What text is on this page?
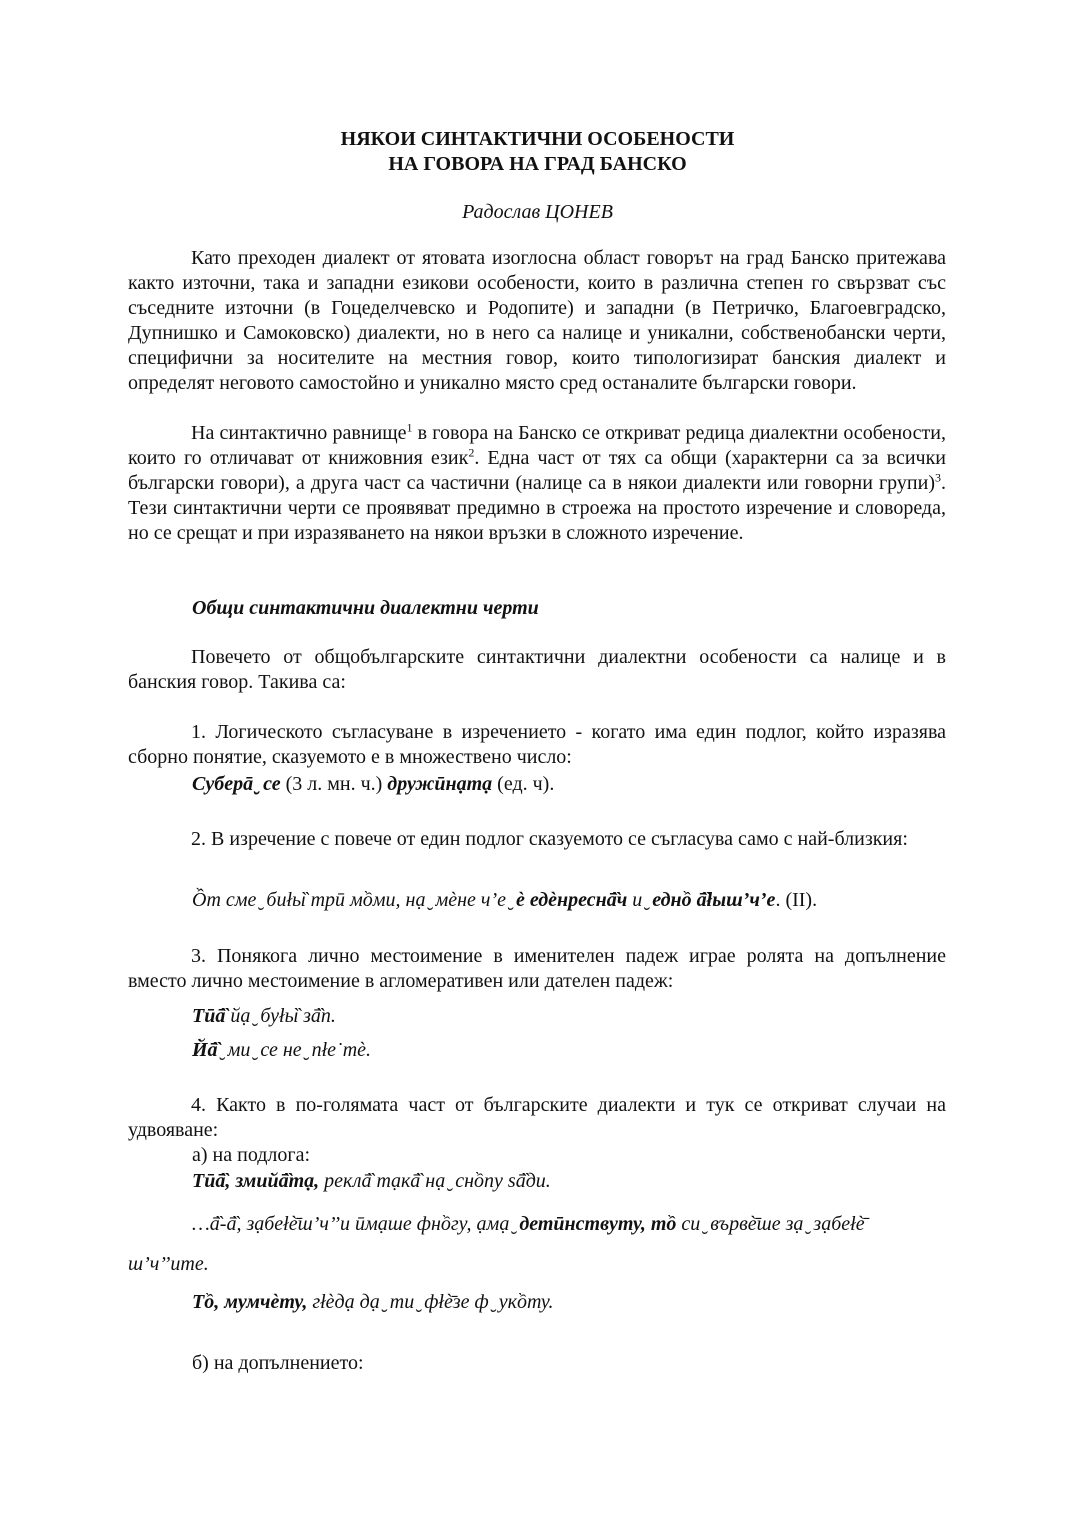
НЯКОИ СИНТАКТИЧНИ ОСОБЕНОСТИ
НА ГОВОРА НА ГРАД БАНСКО
Радослав ЦОНЕВ

Като преходен диалект от ятовата изоглосна област говорът на град Банско притежава както източни, така и западни езикови особености, които в различна степен го свързват със съседните източни (в Гоцеделчевско и Родопите) и западни (в Петричко, Благоевградско, Дупнишко и Самоковско) диалекти, но в него са налице и уникални, собственобански черти, специфични за носителите на местния говор, които типологизират банския диалект и определят неговото самостойно и уникално място сред останалите български говори.

На синтактично равнище$^1$ в говора на Банско се откриват редица диалектни особености, които го отличават от книжовния език$^2$. Една част от тях са общи (характерни са за всички български говори), а друга част са частични (налице са в някои диалекти или говорни групи)$^3$. Тези синтактични черти се проявяват предимно в строежа на простото изречение и словореда, но се срещат и при изразяването на някои връзки в сложното изречение.

Общи синтактични диалектни черти

Повечето от общобългарските синтактични диалектни особености са налице и в банския говор. Такива са:

1. Логическото съгласуване в изречението - когато има един подлог, който изразява сборно понятие, сказуемото е в множествено число:

Суберā ̮ се (3 л. мн. ч.) дружӣнạтạ (ед. ч).

2. В изречение с повече от един подлог сказуемото се съгласува само с най-близкия:

Ồт сме ̮ биłы̏ трӣ мồми, нạ ̮ мѐне ч’е ̮ ѐ едѐнреснā̏ч и ̮ еднồ ā̏łыш’ч’е. (II).

3. Понякога лично местоимение в именителен падеж играе ролята на допълнение вместо лично местоимение в агломеративен или дателен падеж:

Тӣā̏ йạ ̮ буłы̏ зā̏п.
Йā̏ ̮ ми ̮ се не ̮ пłе˙тѐ.

4. Както в по-голямата част от българските диалекти и тук се откриват случаи на удвояване:

а) на подлога:
Тӣā̏, змийā̏тạ, реклā̏ тạкā̏ нạ ̮ снồпу ѕā̏ди.
…ā̏-ā̏, зạбеłѐ̄ш’ч’’и ӣмạше фнồгу, ạмạ ̮ детӣнствуту, тồ си ̮ вървѐ̄ше зạ ̮ зạбеłѐ̄
ш’ч’’ите.
Тồ, мумчѐту, гłѐдạ дạ ̮ ти ̮ фłѐ̄зе ф ̮ укồту.
б) на допълнението:
